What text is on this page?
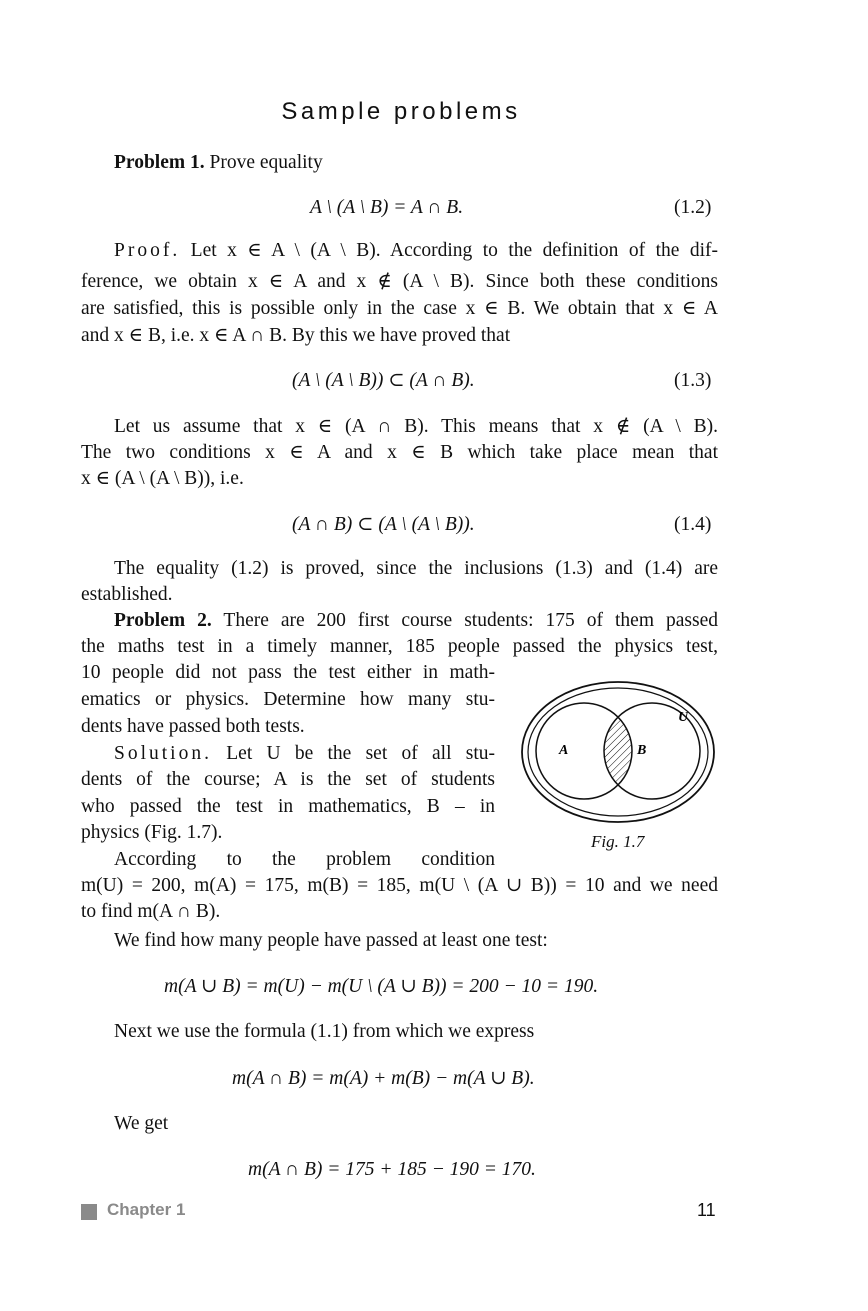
Sample problems
Problem 1. Prove equality
A \ (A \ B) = A ∩ B.	(1.2)
Proof. Let x ∈ A \ (A \ B). According to the definition of the dif-
ference, we obtain x ∈ A and x ∉ (A \ B). Since both these conditions
are satisfied, this is possible only in the case x ∈ B. We obtain that x ∈ A
and x ∈ B, i.e. x ∈ A ∩ B. By this we have proved that
(A \ (A \ B)) ⊂ (A ∩ B).	(1.3)
Let us assume that x ∈ (A ∩ B). This means that x ∉ (A \ B).
The two conditions x ∈ A and x ∈ B which take place mean that
x ∈ (A \ (A \ B)), i.e.
(A ∩ B) ⊂ (A \ (A \ B)).	(1.4)
The equality (1.2) is proved, since the inclusions (1.3) and (1.4) are
established.
Problem 2. There are 200 first course students: 175 of them passed
the maths test in a timely manner, 185 people passed the physics test,
10 people did not pass the test either in math-
ematics or physics. Determine how many stu-
dents have passed both tests.
Solution. Let U be the set of all stu-
dents of the course; A is the set of students
who passed the test in mathematics, B – in
physics (Fig. 1.7).
According to the problem condition
m(U) = 200, m(A) = 175, m(B) = 185, m(U \ (A ∪ B)) = 10 and we need
to find m(A ∩ B).
U
A	B
Fig. 1.7
We find how many people have passed at least one test:
m(A ∪ B) = m(U) − m(U \ (A ∪ B)) = 200 − 10 = 190.
Next we use the formula (1.1) from which we express
m(A ∩ B) = m(A) + m(B) − m(A ∪ B).
We get
m(A ∩ B) = 175 + 185 − 190 = 170.
Chapter 1	11
